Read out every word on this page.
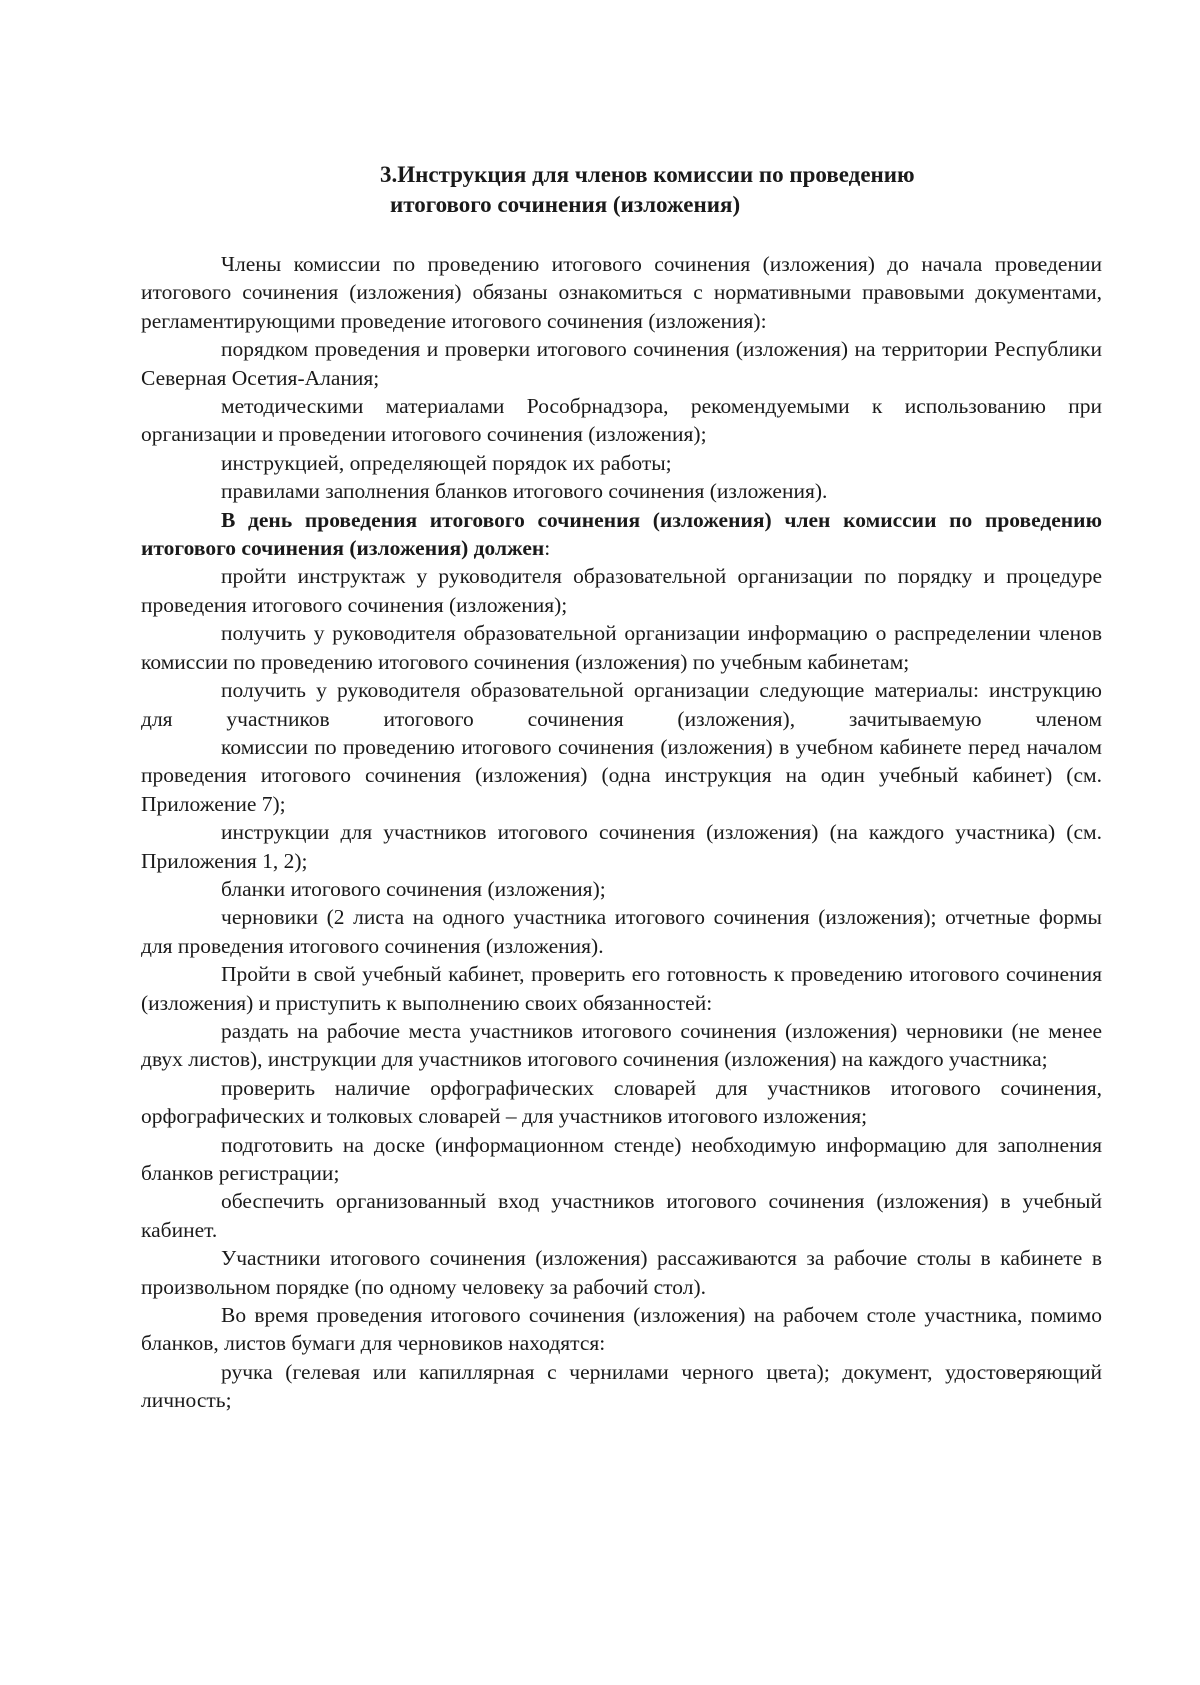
3.Инструкция для членов комиссии по проведению
итогового сочинения (изложения)

Члены комиссии по проведению итогового сочинения (изложения) до начала проведении итогового сочинения (изложения) обязаны ознакомиться с нормативными правовыми документами, регламентирующими проведение итогового сочинения (изложения):

порядком проведения и проверки итогового сочинения (изложения) на территории Республики Северная Осетия-Алания;

методическими материалами Рособрнадзора, рекомендуемыми к использованию при организации и проведении итогового сочинения (изложения);

инструкцией, определяющей порядок их работы;

правилами заполнения бланков итогового сочинения (изложения).

В день проведения итогового сочинения (изложения) член комиссии по проведению итогового сочинения (изложения) должен:

пройти инструктаж у руководителя образовательной организации по порядку и процедуре проведения итогового сочинения (изложения);

получить у руководителя образовательной организации информацию о распределении членов комиссии по проведению итогового сочинения (изложения) по учебным кабинетам;

получить у руководителя образовательной организации следующие материалы: инструкцию для участников итогового сочинения (изложения), зачитываемую членом

комиссии по проведению итогового сочинения (изложения) в учебном кабинете перед началом проведения итогового сочинения (изложения) (одна инструкция на один учебный кабинет) (см. Приложение 7);

инструкции для участников итогового сочинения (изложения) (на каждого участника) (см. Приложения 1, 2);

бланки итогового сочинения (изложения);

черновики (2 листа на одного участника итогового сочинения (изложения); отчетные формы для проведения итогового сочинения (изложения).

Пройти в свой учебный кабинет, проверить его готовность к проведению итогового сочинения (изложения) и приступить к выполнению своих обязанностей:

раздать на рабочие места участников итогового сочинения (изложения) черновики (не менее двух листов), инструкции для участников итогового сочинения (изложения) на каждого участника;

проверить наличие орфографических словарей для участников итогового сочинения, орфографических и толковых словарей – для участников итогового изложения;

подготовить на доске (информационном стенде) необходимую информацию для заполнения бланков регистрации;

обеспечить организованный вход участников итогового сочинения (изложения) в учебный кабинет.

Участники итогового сочинения (изложения) рассаживаются за рабочие столы в кабинете в произвольном порядке (по одному человеку за рабочий стол).

Во время проведения итогового сочинения (изложения) на рабочем столе участника, помимо бланков, листов бумаги для черновиков находятся:

ручка (гелевая или капиллярная с чернилами черного цвета); документ, удостоверяющий личность;
